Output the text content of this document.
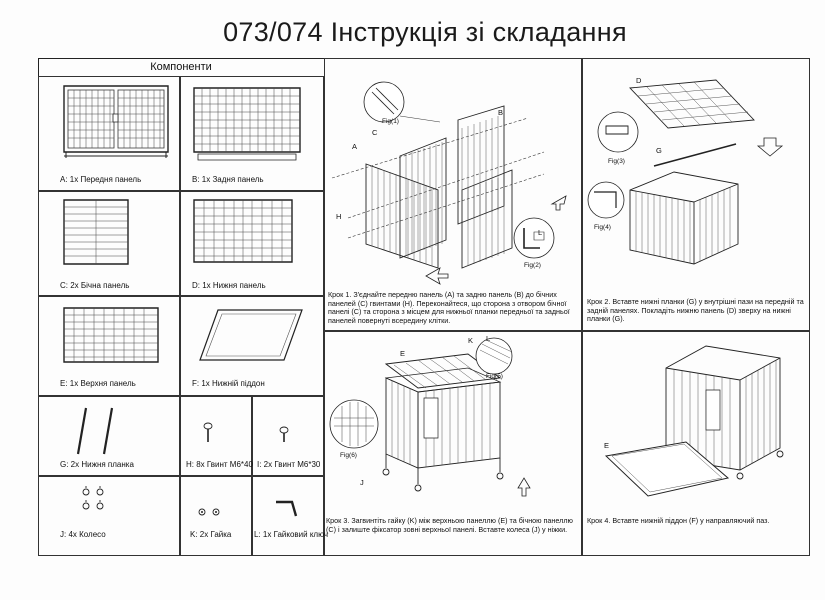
073/074 Інструкція зі складання
Компоненти
A: 1x Передня панель	B: 1x Задня панель
C: 2x Бічна панель	D: 1x Нижня панель
E: 1x Верхня панель	F: 1x Нижній піддон
G: 2x Нижня планка	H: 8x Гвинт M6*40 I: 2x Гвинт M6*30
J: 4x Колесо	K: 2x Гайка	L: 1x Гайковий ключ
A
B
C
H
L
Fig(1)
Fig(2)
Крок 1. З'єднайте передню панель (A) та задню панель (B) до бічних панелей (C) гвинтами (H). Переконайтеся, що сторона з отвором бічної панелі (C) та сторона з місцем для нижньої планки передньої та задньої панелей повернуті всередину клітки.
D
G
Fig(3)
Fig(4)
Крок 2. Вставте нижні планки (G) у внутрішні пази на передній та задній панелях. Покладіть нижню панель (D) зверху на нижні планки (G).
E
K L
J
Fig(5)
Fig(6)
Крок 3. Загвинтіть гайку (K) між верхньою панеллю (E) та бічною панеллю (C) і залиште фіксатор зовні верхньої панелі. Вставте колеса (J) у ніжки.
E
Крок 4. Вставте нижній піддон (F) у направляючий паз.
